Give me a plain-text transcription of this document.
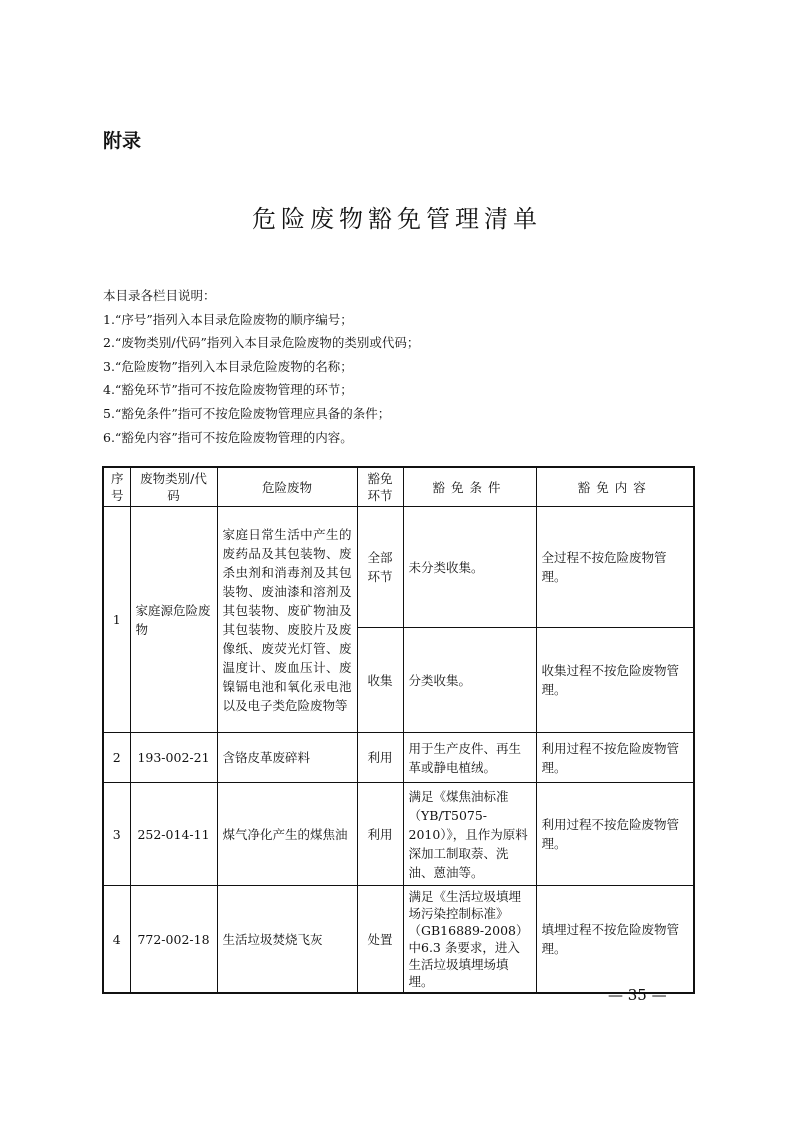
附录
危险废物豁免管理清单
本目录各栏目说明：
1.“序号”指列入本目录危险废物的顺序编号；
2.“废物类别/代码”指列入本目录危险废物的类别或代码；
3.“危险废物”指列入本目录危险废物的名称；
4.“豁免环节”指可不按危险废物管理的环节；
5.“豁免条件”指可不按危险废物管理应具备的条件；
6.“豁免内容”指可不按危险废物管理的内容。
序号	废物类别/代码	危险废物	豁免环节	豁免条件	豁免内容
1	家庭源危险废物	家庭日常生活中产生的废药品及其包装物、废杀虫剂和消毒剂及其包装物、废油漆和溶剂及其包装物、废矿物油及其包装物、废胶片及废像纸、废荧光灯管、废温度计、废血压计、废镍镉电池和氧化汞电池以及电子类危险废物等	全部环节	未分类收集。	全过程不按危险废物管理。
			收集	分类收集。	收集过程不按危险废物管理。
2	193-002-21	含铬皮革废碎料	利用	用于生产皮件、再生革或静电植绒。	利用过程不按危险废物管理。
3	252-014-11	煤气净化产生的煤焦油	利用	满足《煤焦油标准（YB/T5075-2010）》，且作为原料深加工制取萘、洗油、蒽油等。	利用过程不按危险废物管理。
4	772-002-18	生活垃圾焚烧飞灰	处置	满足《生活垃圾填埋场污染控制标准》（GB16889-2008）中6.3 条要求，进入生活垃圾填埋场填埋。	填埋过程不按危险废物管理。
— 35 —
